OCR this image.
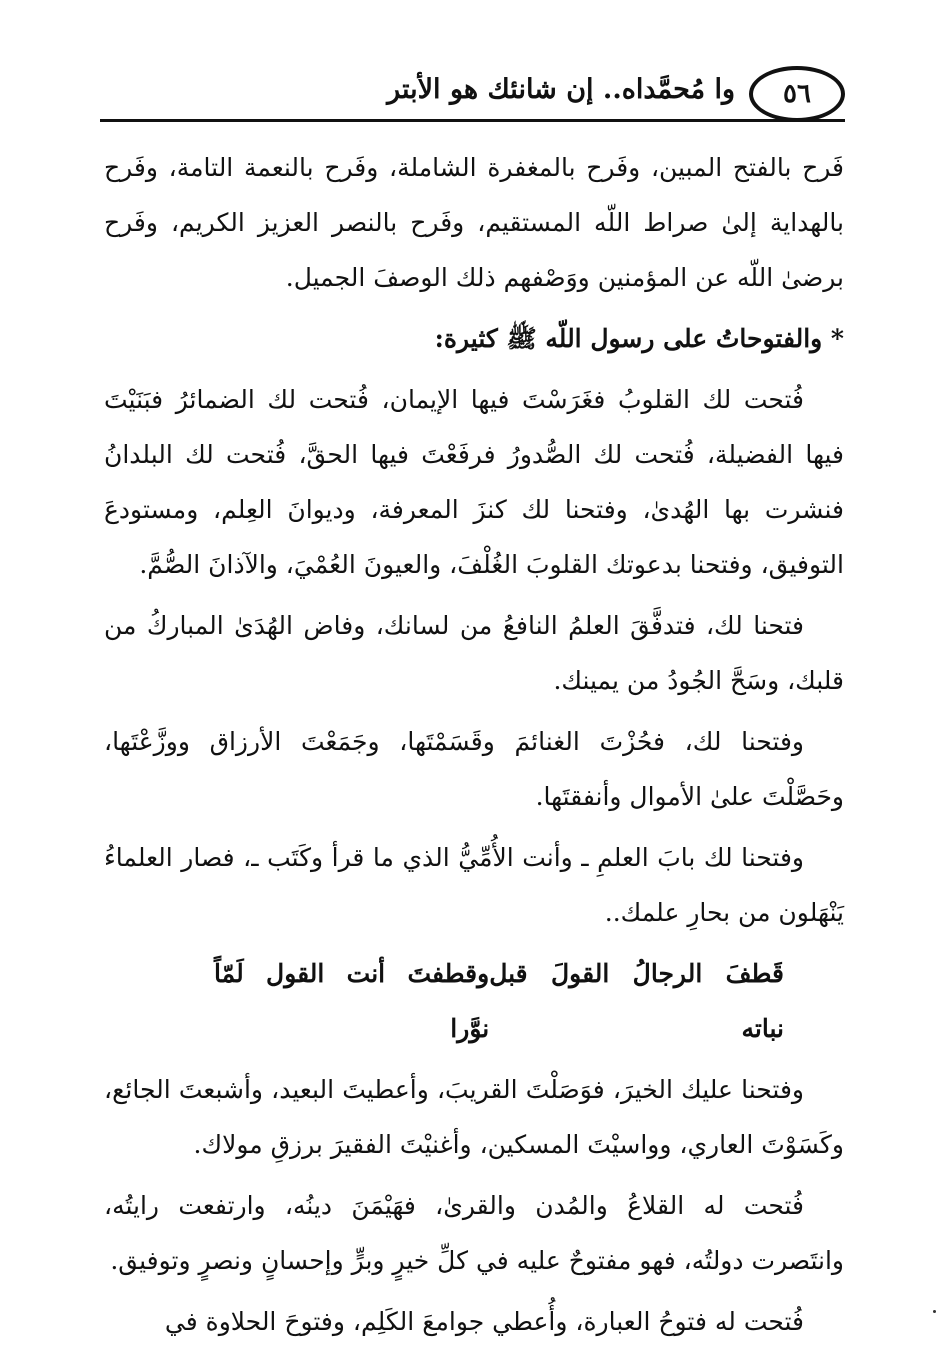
٥٦
وا مُحمَّداه.. إن شانئك هو الأبتر

فَرح بالفتح المبين، وفَرح بالمغفرة الشاملة، وفَرح بالنعمة التامة، وفَرح بالهداية إلىٰ صراط اللّه المستقيم، وفَرح بالنصر العزيز الكريم، وفَرح برضىٰ اللّه عن المؤمنين ووَصْفهم ذلك الوصفَ الجميل.

* والفتوحاتُ على رسول اللّه ﷺ كثيرة:

فُتحت لك القلوبُ فغَرَسْتَ فيها الإيمان، فُتحت لك الضمائرُ فبَنَيْتَ فيها الفضيلة، فُتحت لك الصُّدورُ فرفَعْتَ فيها الحقَّ، فُتحت لك البلدانُ فنشرت بها الهُدىٰ، وفتحنا لك كنزَ المعرفة، وديوانَ العِلم، ومستودعَ التوفيق، وفتحنا بدعوتك القلوبَ الغُلْفَ، والعيونَ العُمْيَ، والآذانَ الصُّمَّ.

فتحنا لك، فتدفَّقَ العلمُ النافعُ من لسانك، وفاض الهُدَىٰ المباركُ من قلبك، وسَحَّ الجُودُ من يمينك.

وفتحنا لك، فحُزْتَ الغنائمَ وقَسَمْتَها، وجَمَعْتَ الأرزاق ووزَّعْتَها، وحَصَّلْتَ علىٰ الأموال وأنفقتَها.

وفتحنا لك بابَ العلمِ ـ وأنت الأُمِّيُّ الذي ما قرأ وكَتَب ـ، فصار العلماءُ يَنْهَلون من بحارِ علمك..

قَطفَ الرجالُ القولَ قبل نباته
وقطفتَ أنت القول لَمّاً نوَّرا

وفتحنا عليك الخيرَ، فوَصَلْتَ القريبَ، وأعطيتَ البعيد، وأشبعتَ الجائع، وكَسَوْتَ العاري، وواسيْتَ المسكين، وأغنيْتَ الفقيرَ برزقِ مولاك.

فُتحت له القلاعُ والمُدن والقرىٰ، فهَيْمَنَ دينُه، وارتفعت رايتُه، وانتَصرت دولتُه، فهو مفتوحٌ عليه في كلِّ خيرٍ وبرٍّ وإحسانٍ ونصرٍ وتوفيق.

فُتحت له فتوحُ العبارة، وأُعطي جوامعَ الكَلِم، وفتوحَ الحلاوة في
